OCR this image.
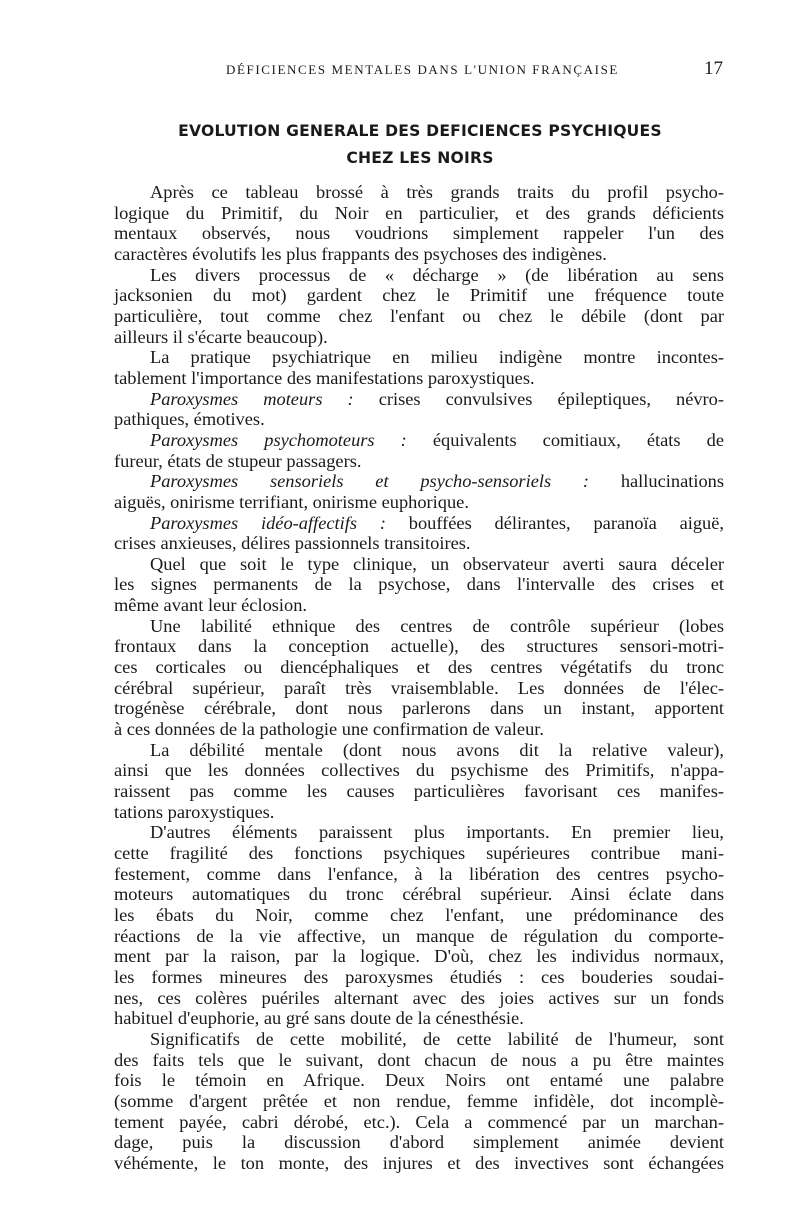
DÉFICIENCES MENTALES DANS L'UNION FRANÇAISE	17
EVOLUTION GENERALE DES DEFICIENCES PSYCHIQUES
CHEZ LES NOIRS
Après ce tableau brossé à très grands traits du profil psycho-
logique du Primitif, du Noir en particulier, et des grands déficients
mentaux observés, nous voudrions simplement rappeler l'un des
caractères évolutifs les plus frappants des psychoses des indigènes.
Les divers processus de « décharge » (de libération au sens
jacksonien du mot) gardent chez le Primitif une fréquence toute
particulière, tout comme chez l'enfant ou chez le débile (dont par
ailleurs il s'écarte beaucoup).
La pratique psychiatrique en milieu indigène montre incontes-
tablement l'importance des manifestations paroxystiques.
Paroxysmes moteurs : crises convulsives épileptiques, névro-
pathiques, émotives.
Paroxysmes psychomoteurs : équivalents comitiaux, états de
fureur, états de stupeur passagers.
Paroxysmes sensoriels et psycho-sensoriels : hallucinations
aiguës, onirisme terrifiant, onirisme euphorique.
Paroxysmes idéo-affectifs : bouffées délirantes, paranoïa aiguë,
crises anxieuses, délires passionnels transitoires.
Quel que soit le type clinique, un observateur averti saura déceler
les signes permanents de la psychose, dans l'intervalle des crises et
même avant leur éclosion.
Une labilité ethnique des centres de contrôle supérieur (lobes
frontaux dans la conception actuelle), des structures sensori-motri-
ces corticales ou diencéphaliques et des centres végétatifs du tronc
cérébral supérieur, paraît très vraisemblable. Les données de l'élec-
trogénèse cérébrale, dont nous parlerons dans un instant, apportent
à ces données de la pathologie une confirmation de valeur.
La débilité mentale (dont nous avons dit la relative valeur),
ainsi que les données collectives du psychisme des Primitifs, n'appa-
raissent pas comme les causes particulières favorisant ces manifes-
tations paroxystiques.
D'autres éléments paraissent plus importants. En premier lieu,
cette fragilité des fonctions psychiques supérieures contribue mani-
festement, comme dans l'enfance, à la libération des centres psycho-
moteurs automatiques du tronc cérébral supérieur. Ainsi éclate dans
les ébats du Noir, comme chez l'enfant, une prédominance des
réactions de la vie affective, un manque de régulation du comporte-
ment par la raison, par la logique. D'où, chez les individus normaux,
les formes mineures des paroxysmes étudiés : ces bouderies soudai-
nes, ces colères puériles alternant avec des joies actives sur un fonds
habituel d'euphorie, au gré sans doute de la cénesthésie.
Significatifs de cette mobilité, de cette labilité de l'humeur, sont
des faits tels que le suivant, dont chacun de nous a pu être maintes
fois le témoin en Afrique. Deux Noirs ont entamé une palabre
(somme d'argent prêtée et non rendue, femme infidèle, dot incomplè-
tement payée, cabri dérobé, etc.). Cela a commencé par un marchan-
dage, puis la discussion d'abord simplement animée devient
véhémente, le ton monte, des injures et des invectives sont échangées
